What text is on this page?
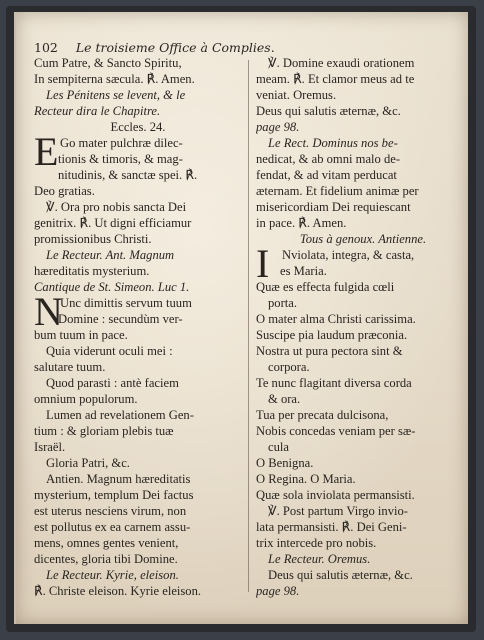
102 Le troisieme Office à Complies.
Cum Patre, & Sancto Spiritu,
In sempiterna sæcula. ℟. Amen.
Les Pénitens se levent, & le
Recteur dira le Chapitre.
Eccles. 24.
E Go mater pulchræ dilec-
tionis & timoris, & mag-
nitudinis, & sanctæ spei. ℟.
Deo gratias.
℣. Ora pro nobis sancta Dei
genitrix. ℟. Ut digni efficiamur
promissionibus Christi.
Le Recteur. Ant. Magnum
hæreditatis mysterium.
Cantique de St. Simeon. Luc 1.
N
Unc dimittis servum tuum
Domine : secundùm ver-
bum tuum in pace.
Quia viderunt oculi mei :
salutare tuum.
Quod parasti : antè faciem
omnium populorum.
Lumen ad revelationem Gen-
tium : & gloriam plebis tuæ
Israël.
Gloria Patri, &c.
Antien. Magnum hæreditatis
mysterium, templum Dei factus
est uterus nesciens virum, non
est pollutus ex ea carnem assu-
mens, omnes gentes venient,
dicentes, gloria tibi Domine.
Le Recteur. Kyrie, eleison.
℟. Christe eleison. Kyrie eleison.
℣. Domine exaudi orationem
meam. ℟. Et clamor meus ad te
veniat. Oremus.
Deus qui salutis æternæ, &c.
page 98.
Le Rect. Dominus nos be-
nedicat, & ab omni malo de-
fendat, & ad vitam perducat
æternam. Et fidelium animæ per
misericordiam Dei requiescant
in pace. ℟. Amen.
Tous à genoux. Antienne.
I	Nviolata, integra, & casta,
es Maria.
Quæ es effecta fulgida cœli
porta.
O mater alma Christi carissima.
Suscipe pia laudum præconia.
Nostra ut pura pectora sint &
corpora.
Te nunc flagitant diversa corda
& ora.
Tua per precata dulcisona,
Nobis concedas veniam per sæ-
cula
O Benigna.
O Regina. O Maria.
Quæ sola inviolata permansisti.
℣. Post partum Virgo invio-
lata permansisti. ℟. Dei Geni-
trix intercede pro nobis.
Le Recteur. Oremus.
Deus qui salutis æternæ, &c.
page 98.
